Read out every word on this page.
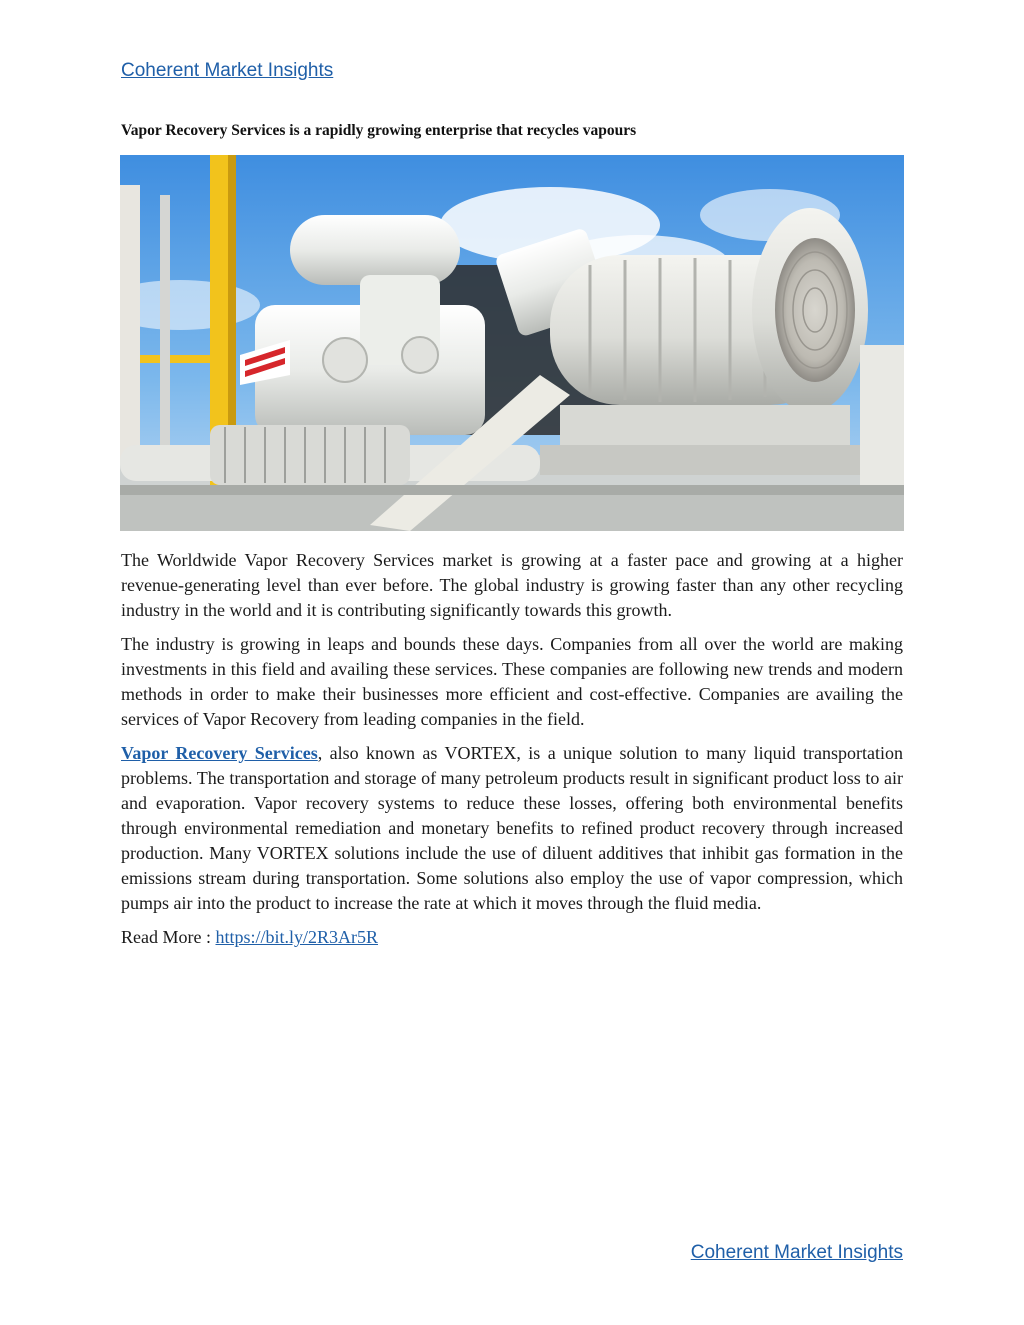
Coherent Market Insights
Vapor Recovery Services is a rapidly growing enterprise that recycles vapours

The Worldwide Vapor Recovery Services market is growing at a faster pace and growing at a higher revenue-generating level than ever before. The global industry is growing faster than any other recycling industry in the world and it is contributing significantly towards this growth.

The industry is growing in leaps and bounds these days. Companies from all over the world are making investments in this field and availing these services. These companies are following new trends and modern methods in order to make their businesses more efficient and cost-effective. Companies are availing the services of Vapor Recovery from leading companies in the field.

Vapor Recovery Services, also known as VORTEX, is a unique solution to many liquid transportation problems. The transportation and storage of many petroleum products result in significant product loss to air and evaporation. Vapor recovery systems to reduce these losses, offering both environmental benefits through environmental remediation and monetary benefits to refined product recovery through increased production. Many VORTEX solutions include the use of diluent additives that inhibit gas formation in the emissions stream during transportation. Some solutions also employ the use of vapor compression, which pumps air into the product to increase the rate at which it moves through the fluid media.

Read More : https://bit.ly/2R3Ar5R

Coherent Market Insights
